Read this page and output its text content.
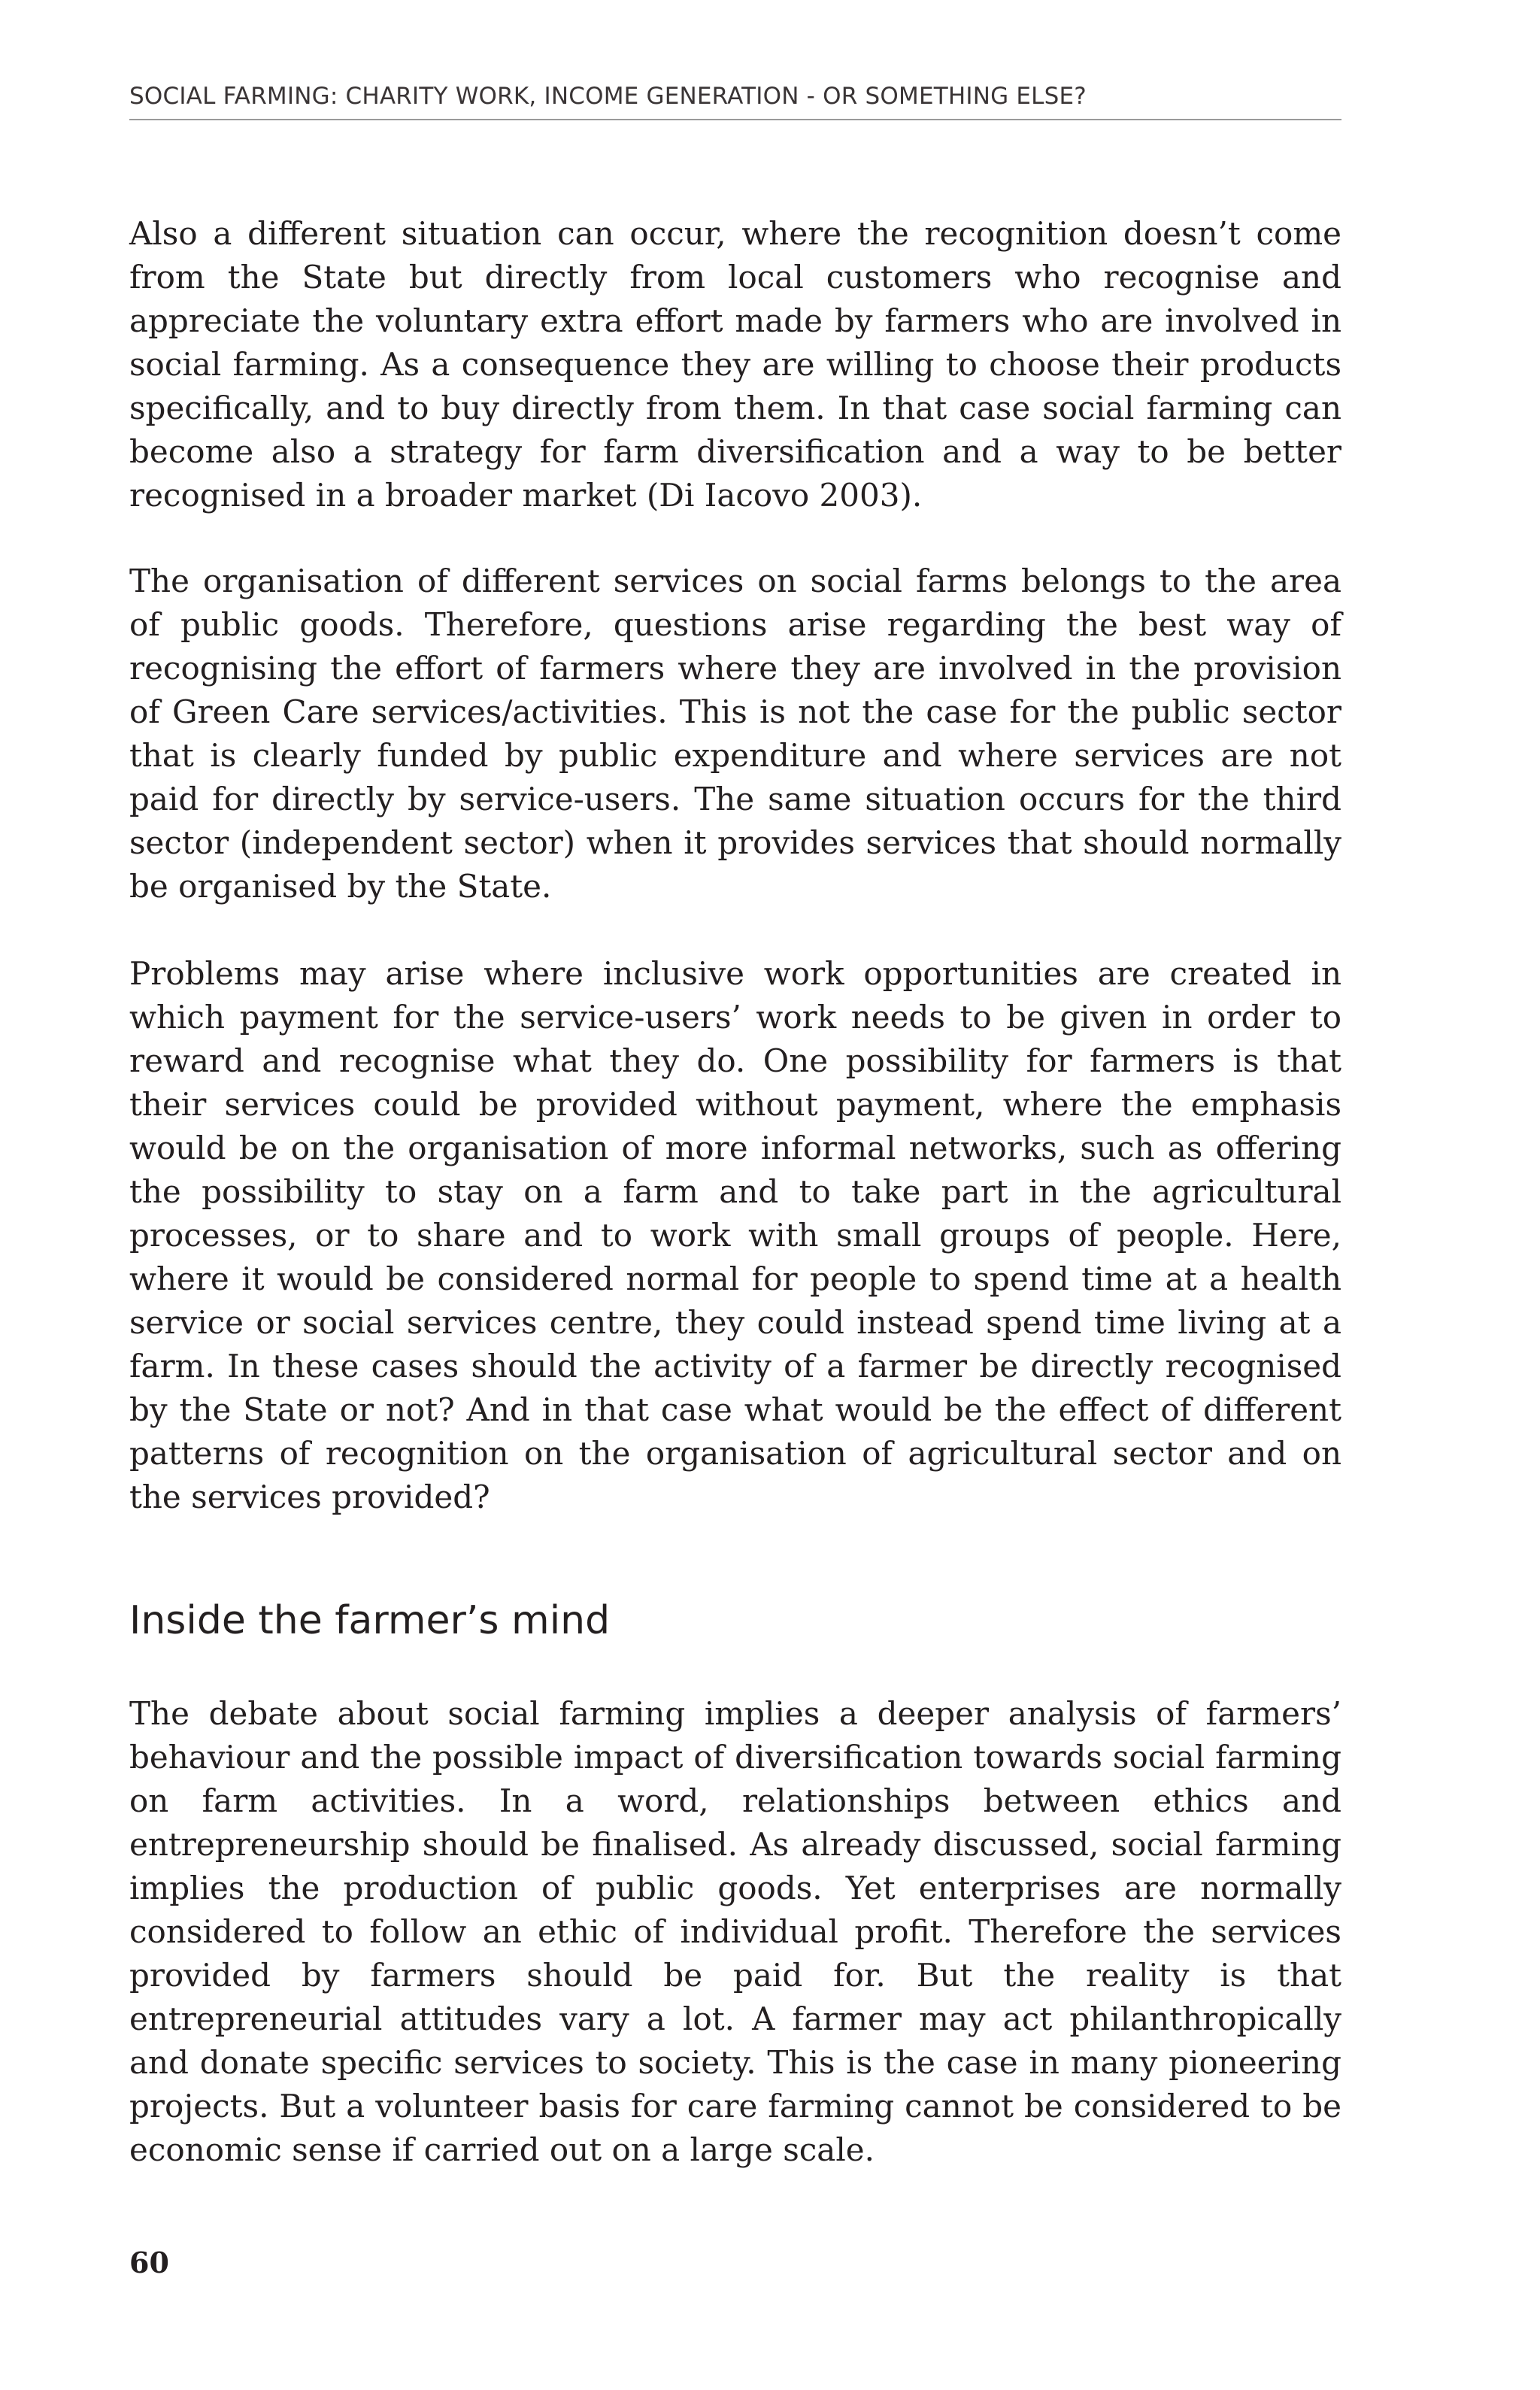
SOCIAL FARMING: CHARITY WORK, INCOME GENERATION - OR SOMETHING ELSE?

Also a different situation can occur, where the recognition doesn’t come from the State but directly from local customers who recognise and appreciate the voluntary extra effort made by farmers who are involved in social farming. As a consequence they are willing to choose their products specifically, and to buy directly from them. In that case social farming can become also a strategy for farm diversification and a way to be better recognised in a broader market (Di Iacovo 2003).

The organisation of different services on social farms belongs to the area of public goods. Therefore, questions arise regarding the best way of recognising the effort of farmers where they are involved in the provision of Green Care services/activities. This is not the case for the public sector that is clearly funded by public expenditure and where services are not paid for directly by service-users. The same situation occurs for the third sector (independent sector) when it provides services that should normally be organised by the State.

Problems may arise where inclusive work opportunities are created in which payment for the service-users’ work needs to be given in order to reward and recognise what they do. One possibility for farmers is that their services could be provided without payment, where the emphasis would be on the organisation of more informal networks, such as offering the possibility to stay on a farm and to take part in the agricultural processes, or to share and to work with small groups of people. Here, where it would be considered normal for people to spend time at a health service or social services centre, they could instead spend time living at a farm. In these cases should the activity of a farmer be directly recognised by the State or not? And in that case what would be the effect of different patterns of recognition on the organisation of agricultural sector and on the services provided?

Inside the farmer’s mind

The debate about social farming implies a deeper analysis of farmers’ behaviour and the possible impact of diversification towards social farming on farm activities. In a word, relationships between ethics and entrepreneurship should be finalised. As already discussed, social farming implies the production of public goods. Yet enterprises are normally considered to follow an ethic of individual profit. Therefore the services provided by farmers should be paid for. But the reality is that entrepreneurial attitudes vary a lot. A farmer may act philanthropically and donate specific services to society. This is the case in many pioneering projects. But a volunteer basis for care farming cannot be considered to be economic sense if carried out on a large scale.

60
